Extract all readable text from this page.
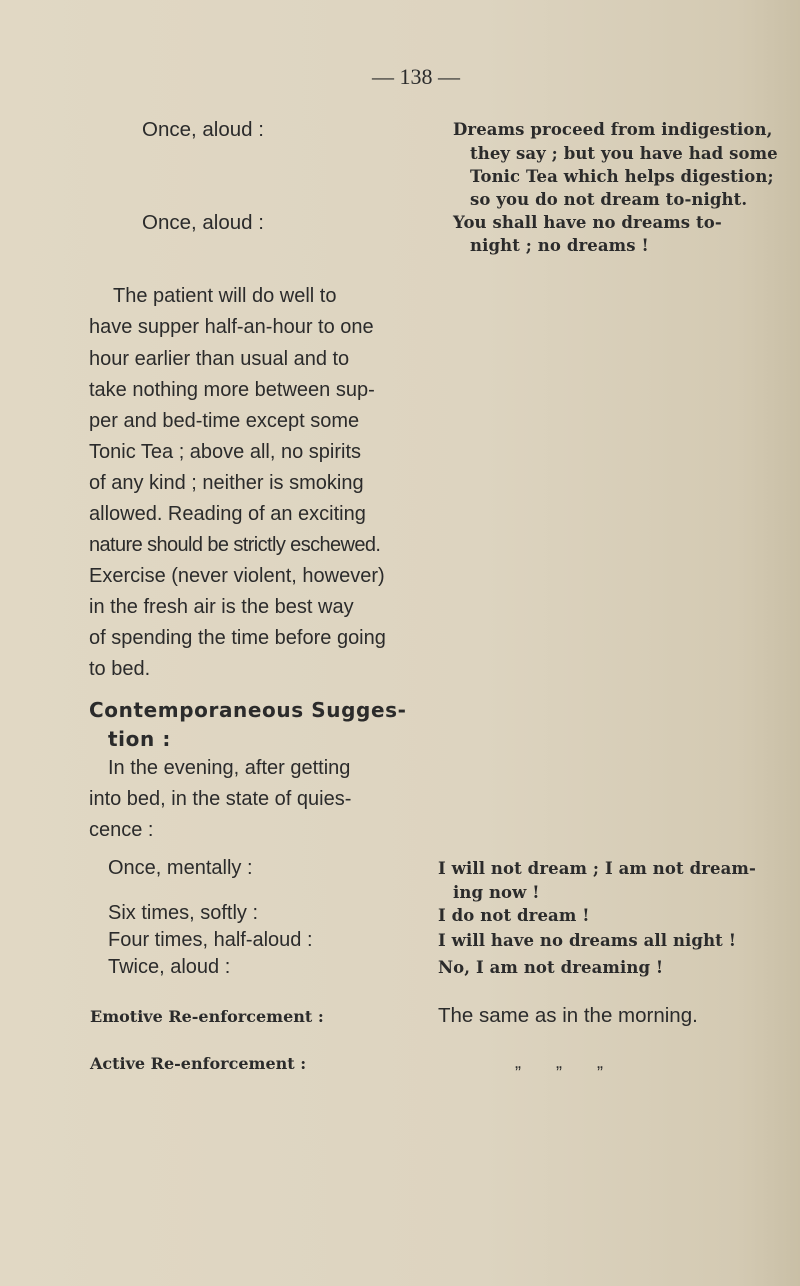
— 138 —
Once, aloud :	Dreams proceed from indigestion,
they say ; but you have had some
Tonic Tea which helps digestion;
so you do not dream to-night.
Once, aloud :	You shall have no dreams to-
night ; no dreams !
The patient will do well to
have supper half-an-hour to one
hour earlier than usual and to
take nothing more between sup-
per and bed-time except some
Tonic Tea ; above all, no spirits
of any kind ; neither is smoking
allowed. Reading of an exciting
nature should be strictly eschewed.
Exercise (never violent, however)
in the fresh air is the best way
of spending the time before going
to bed.
Contemporaneous Sugges-
tion :
In the evening, after getting
into bed, in the state of quies-
cence :
Once, mentally :	I will not dream ; I am not dream-
ing now !
Six times, softly :	I do not dream !
Four times, half-aloud :	I will have no dreams all night !
Twice, aloud :	No, I am not dreaming !
Emotive Re-enforcement :	The same as in the morning.
Active Re-enforcement :	„       „       „
